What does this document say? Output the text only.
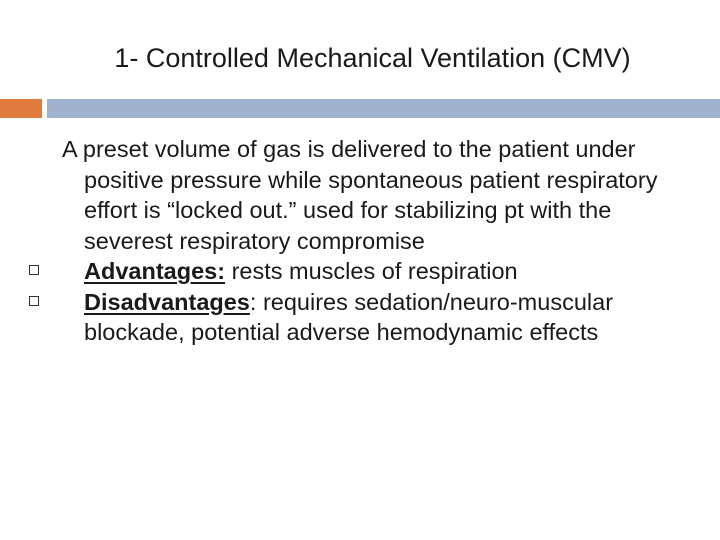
1- Controlled Mechanical Ventilation (CMV)

A preset volume of gas is delivered to the patient under positive pressure while spontaneous patient respiratory effort is “locked out.” used for stabilizing pt with the severest respiratory compromise

Advantages: rests muscles of respiration

Disadvantages: requires sedation/neuro-muscular blockade, potential adverse hemodynamic effects
